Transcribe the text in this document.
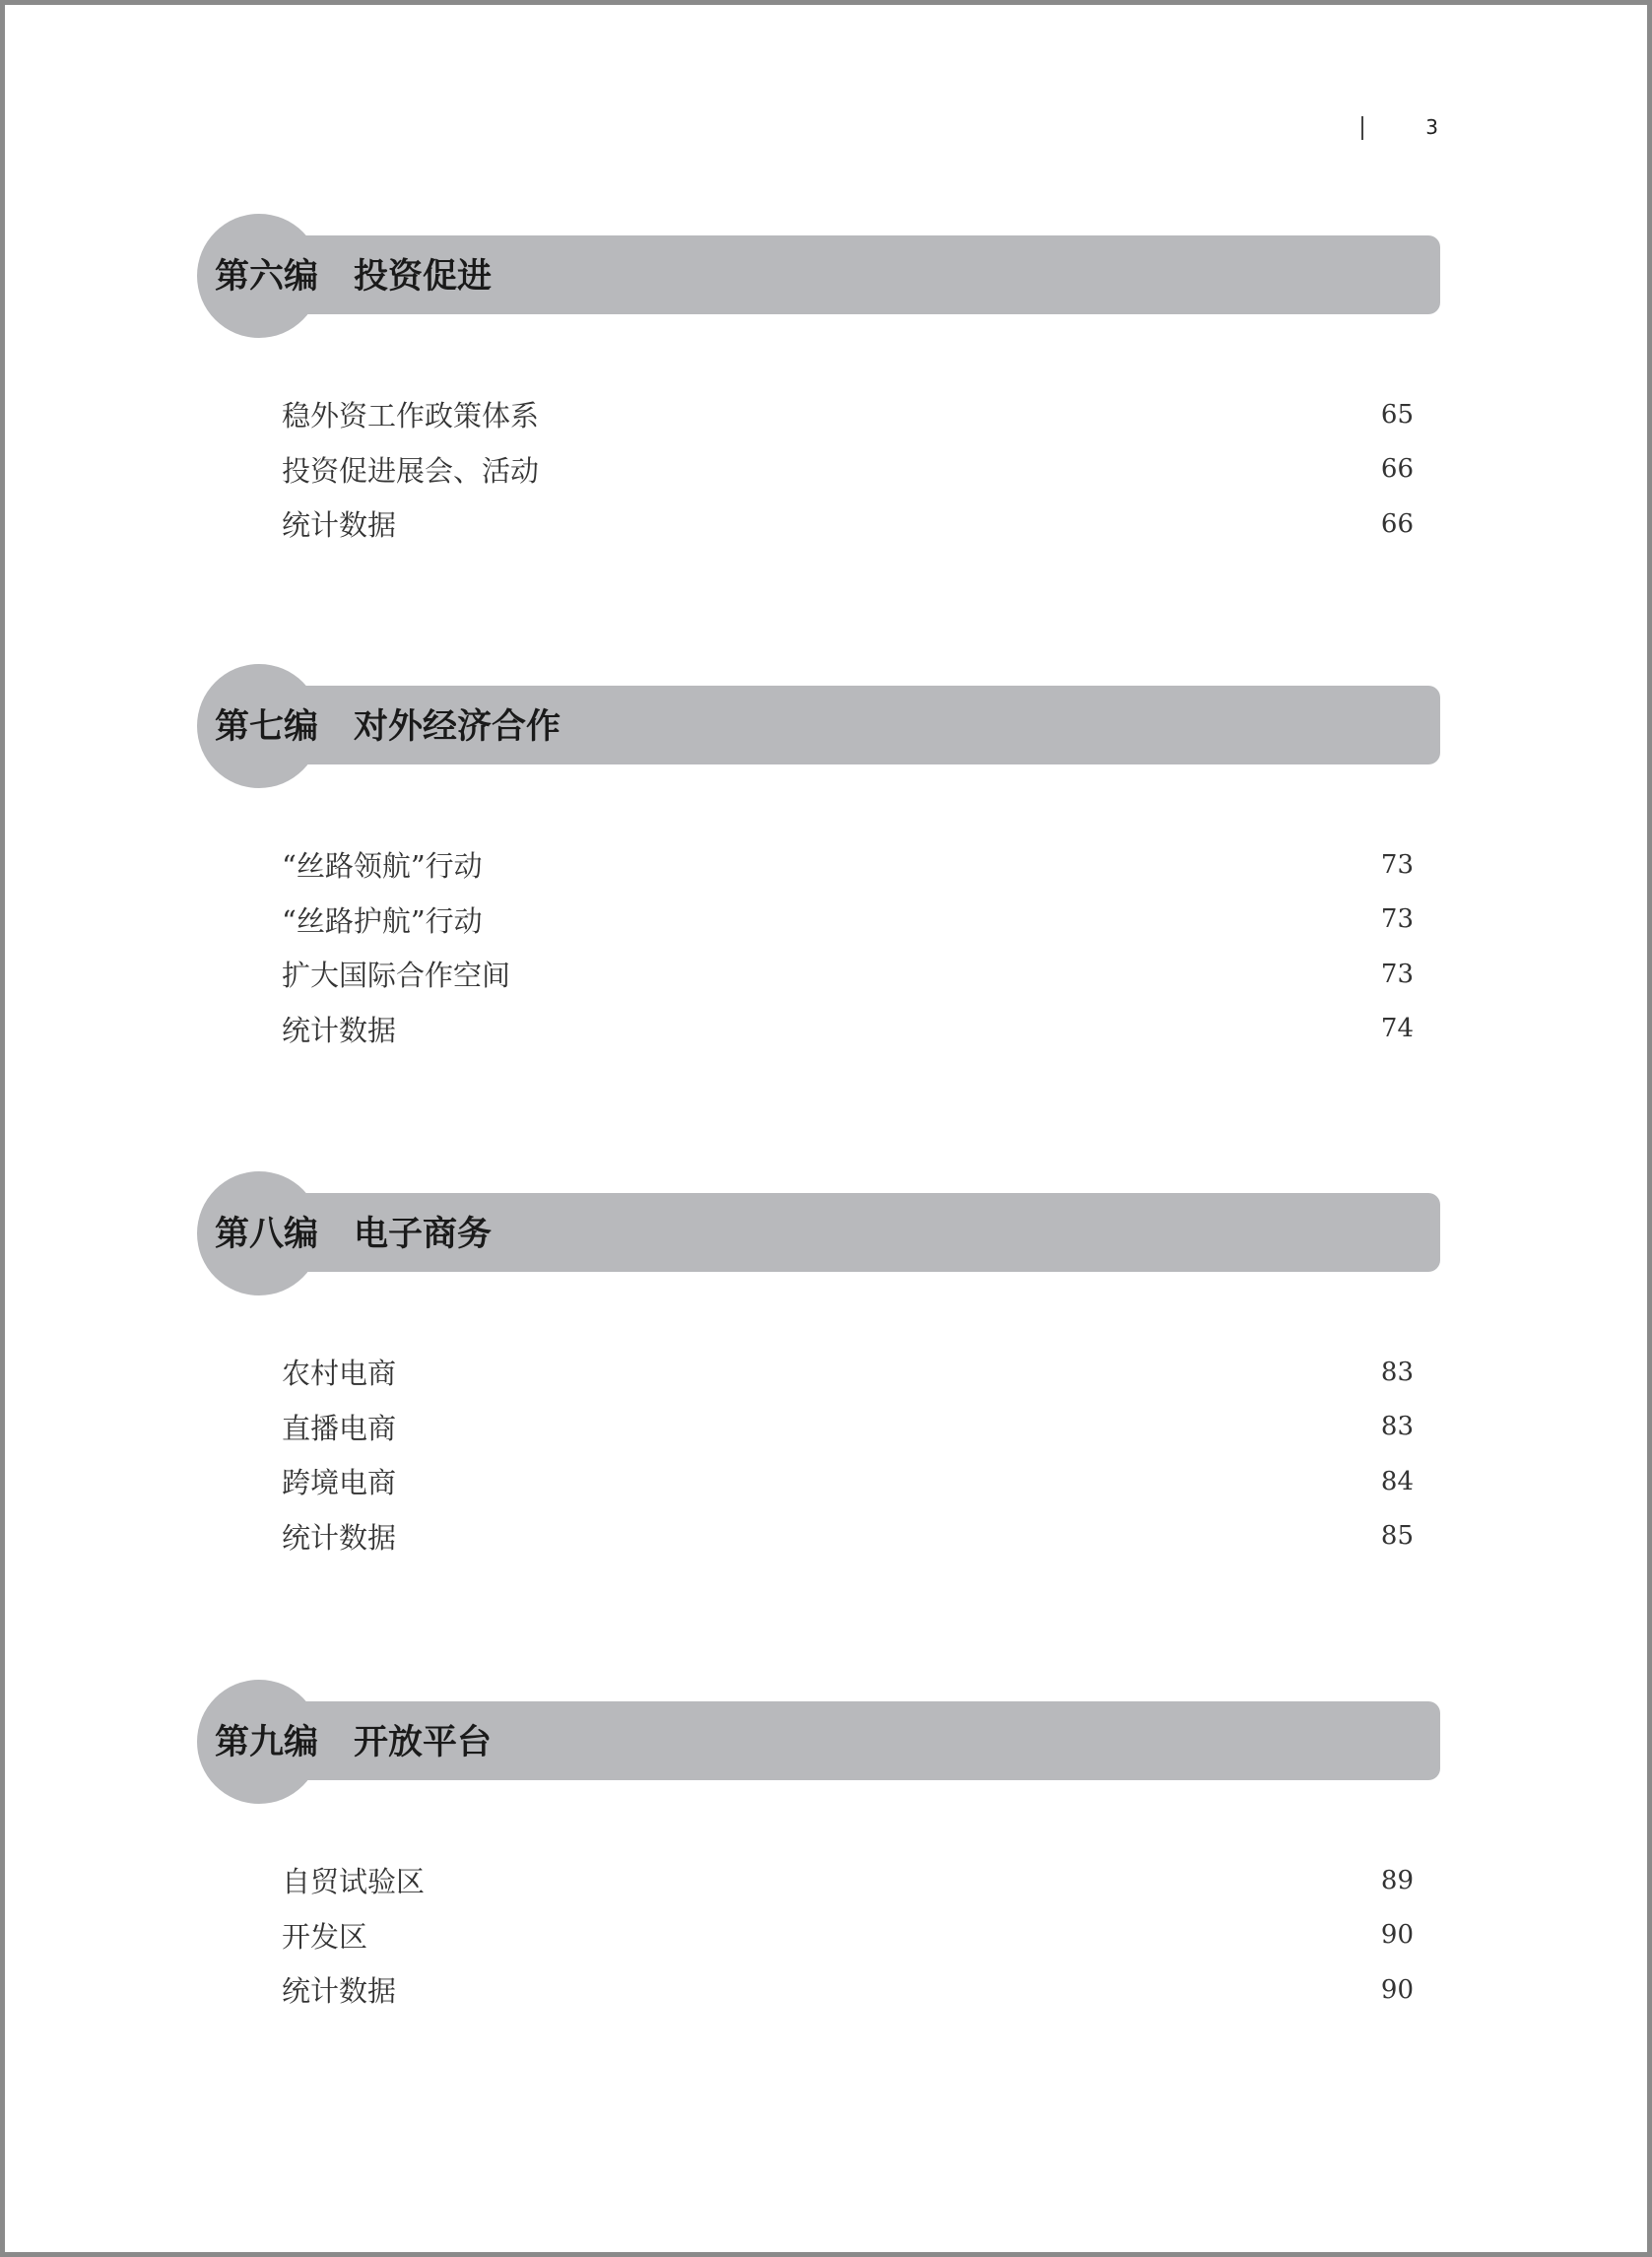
3
第六编 投资促进
稳外资工作政策体系	65
投资促进展会、活动	66
统计数据	66
第七编 对外经济合作
“丝路领航”行动	73
“丝路护航”行动	73
扩大国际合作空间	73
统计数据	74
第八编 电子商务
农村电商	83
直播电商	83
跨境电商	84
统计数据	85
第九编 开放平台
自贸试验区	89
开发区	90
统计数据	90
